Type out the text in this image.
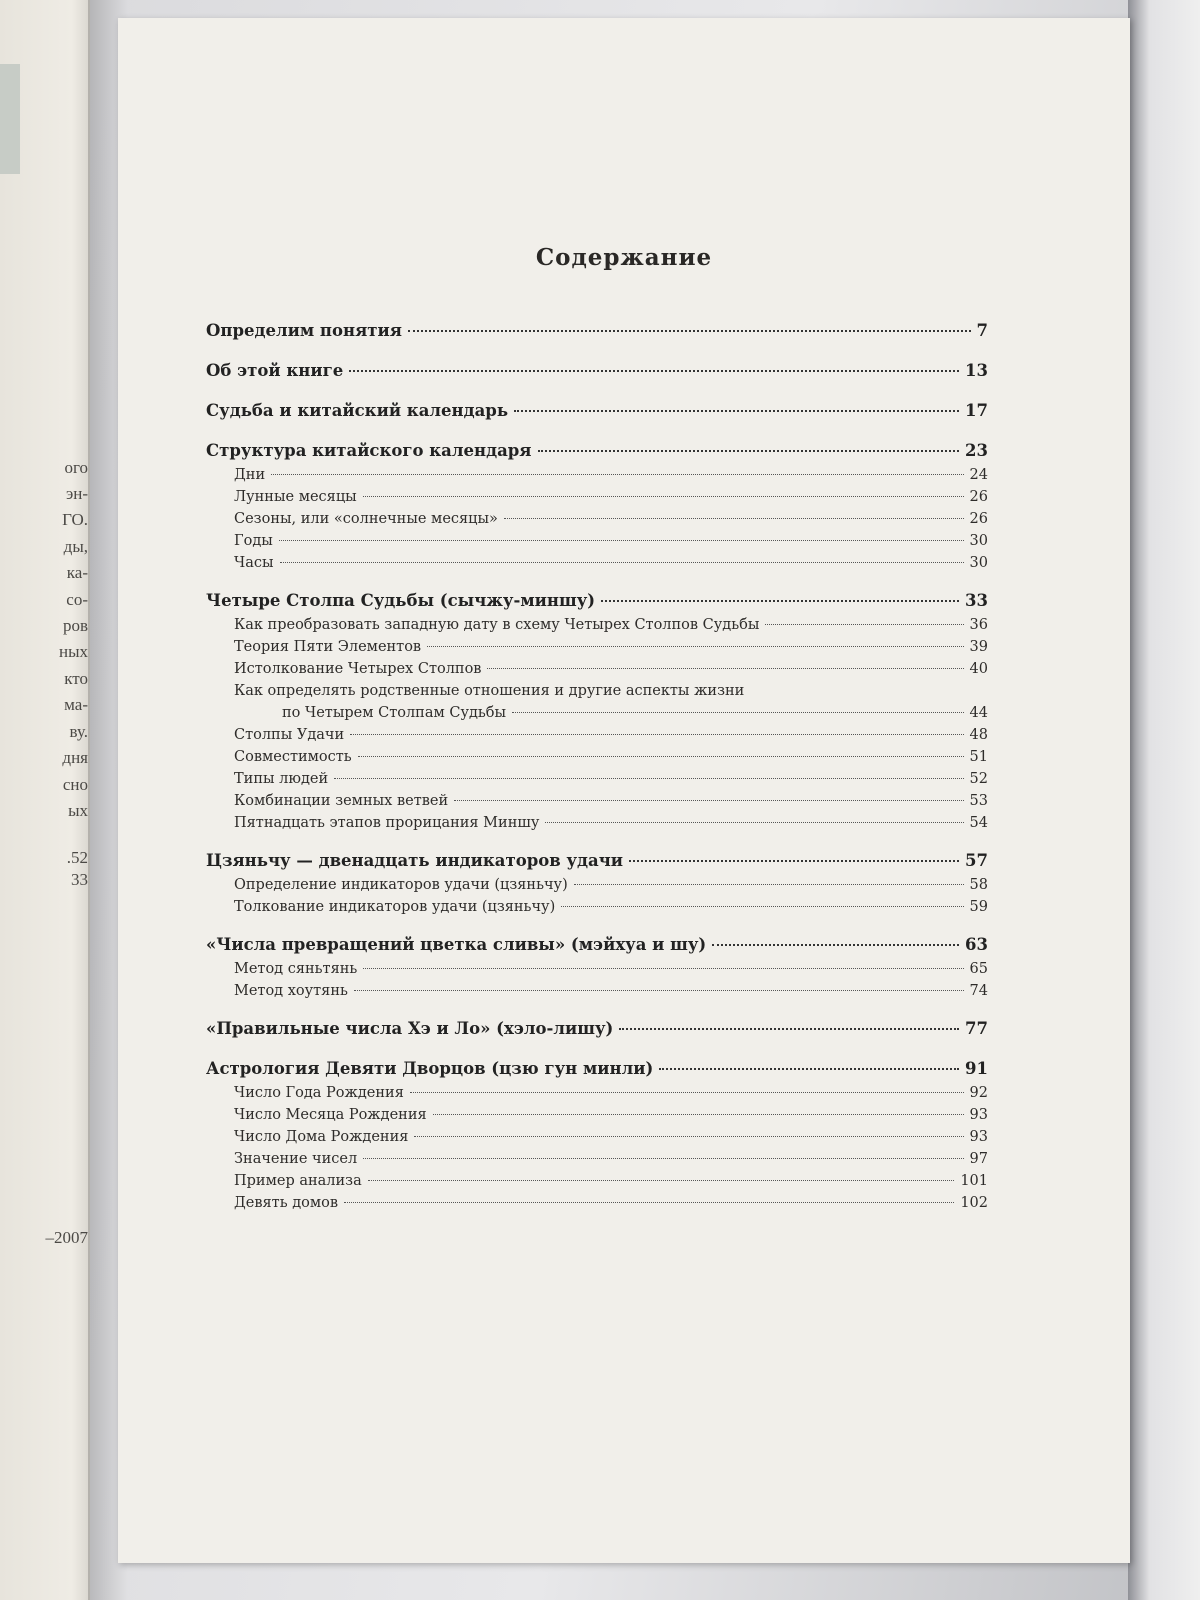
ого
эн-
ГО.
ды,
ка-
со-
ров
ных
кто
ма-
ву.
дня
сно
ых
.52
33
–2007
Содержание
Определим понятия	7
Об этой книге	13
Судьба и китайский календарь	17
Структура китайского календаря	23
Дни	24
Лунные месяцы	26
Сезоны, или «солнечные месяцы»	26
Годы	30
Часы	30
Четыре Столпа Судьбы (сычжу-миншу)	33
Как преобразовать западную дату в схему Четырех Столпов Судьбы	36
Теория Пяти Элементов	39
Истолкование Четырех Столпов	40
Как определять родственные отношения и другие аспекты жизни
по Четырем Столпам Судьбы	44
Столпы Удачи	48
Совместимость	51
Типы людей	52
Комбинации земных ветвей	53
Пятнадцать этапов прорицания Миншу	54
Цзяньчу — двенадцать индикаторов удачи	57
Определение индикаторов удачи (цзяньчу)	58
Толкование индикаторов удачи (цзяньчу)	59
«Числа превращений цветка сливы» (мэйхуа и шу)	63
Метод сяньтянь	65
Метод хоутянь	74
«Правильные числа Хэ и Ло» (хэло-лишу)	77
Астрология Девяти Дворцов (цзю гун минли)	91
Число Года Рождения	92
Число Месяца Рождения	93
Число Дома Рождения	93
Значение чисел	97
Пример анализа	101
Девять домов	102
